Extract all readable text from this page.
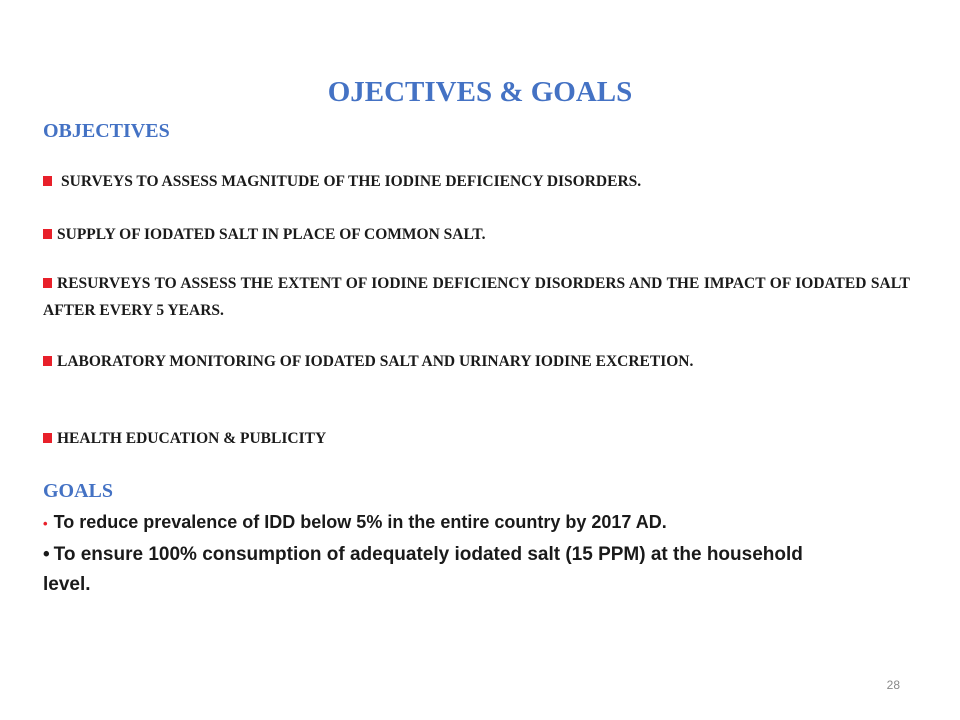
OJECTIVES & GOALS
OBJECTIVES
SURVEYS TO ASSESS MAGNITUDE OF THE IODINE DEFICIENCY DISORDERS.
SUPPLY OF IODATED SALT IN PLACE OF COMMON SALT.
RESURVEYS TO ASSESS THE EXTENT OF IODINE DEFICIENCY DISORDERS AND THE IMPACT OF IODATED SALT AFTER EVERY 5 YEARS.
LABORATORY MONITORING OF IODATED SALT AND URINARY IODINE EXCRETION.
HEALTH EDUCATION & PUBLICITY
GOALS
• To reduce prevalence of IDD below 5% in the entire country by 2017 AD.
• To ensure 100% consumption of adequately iodated salt (15 PPM) at the household level.
28
